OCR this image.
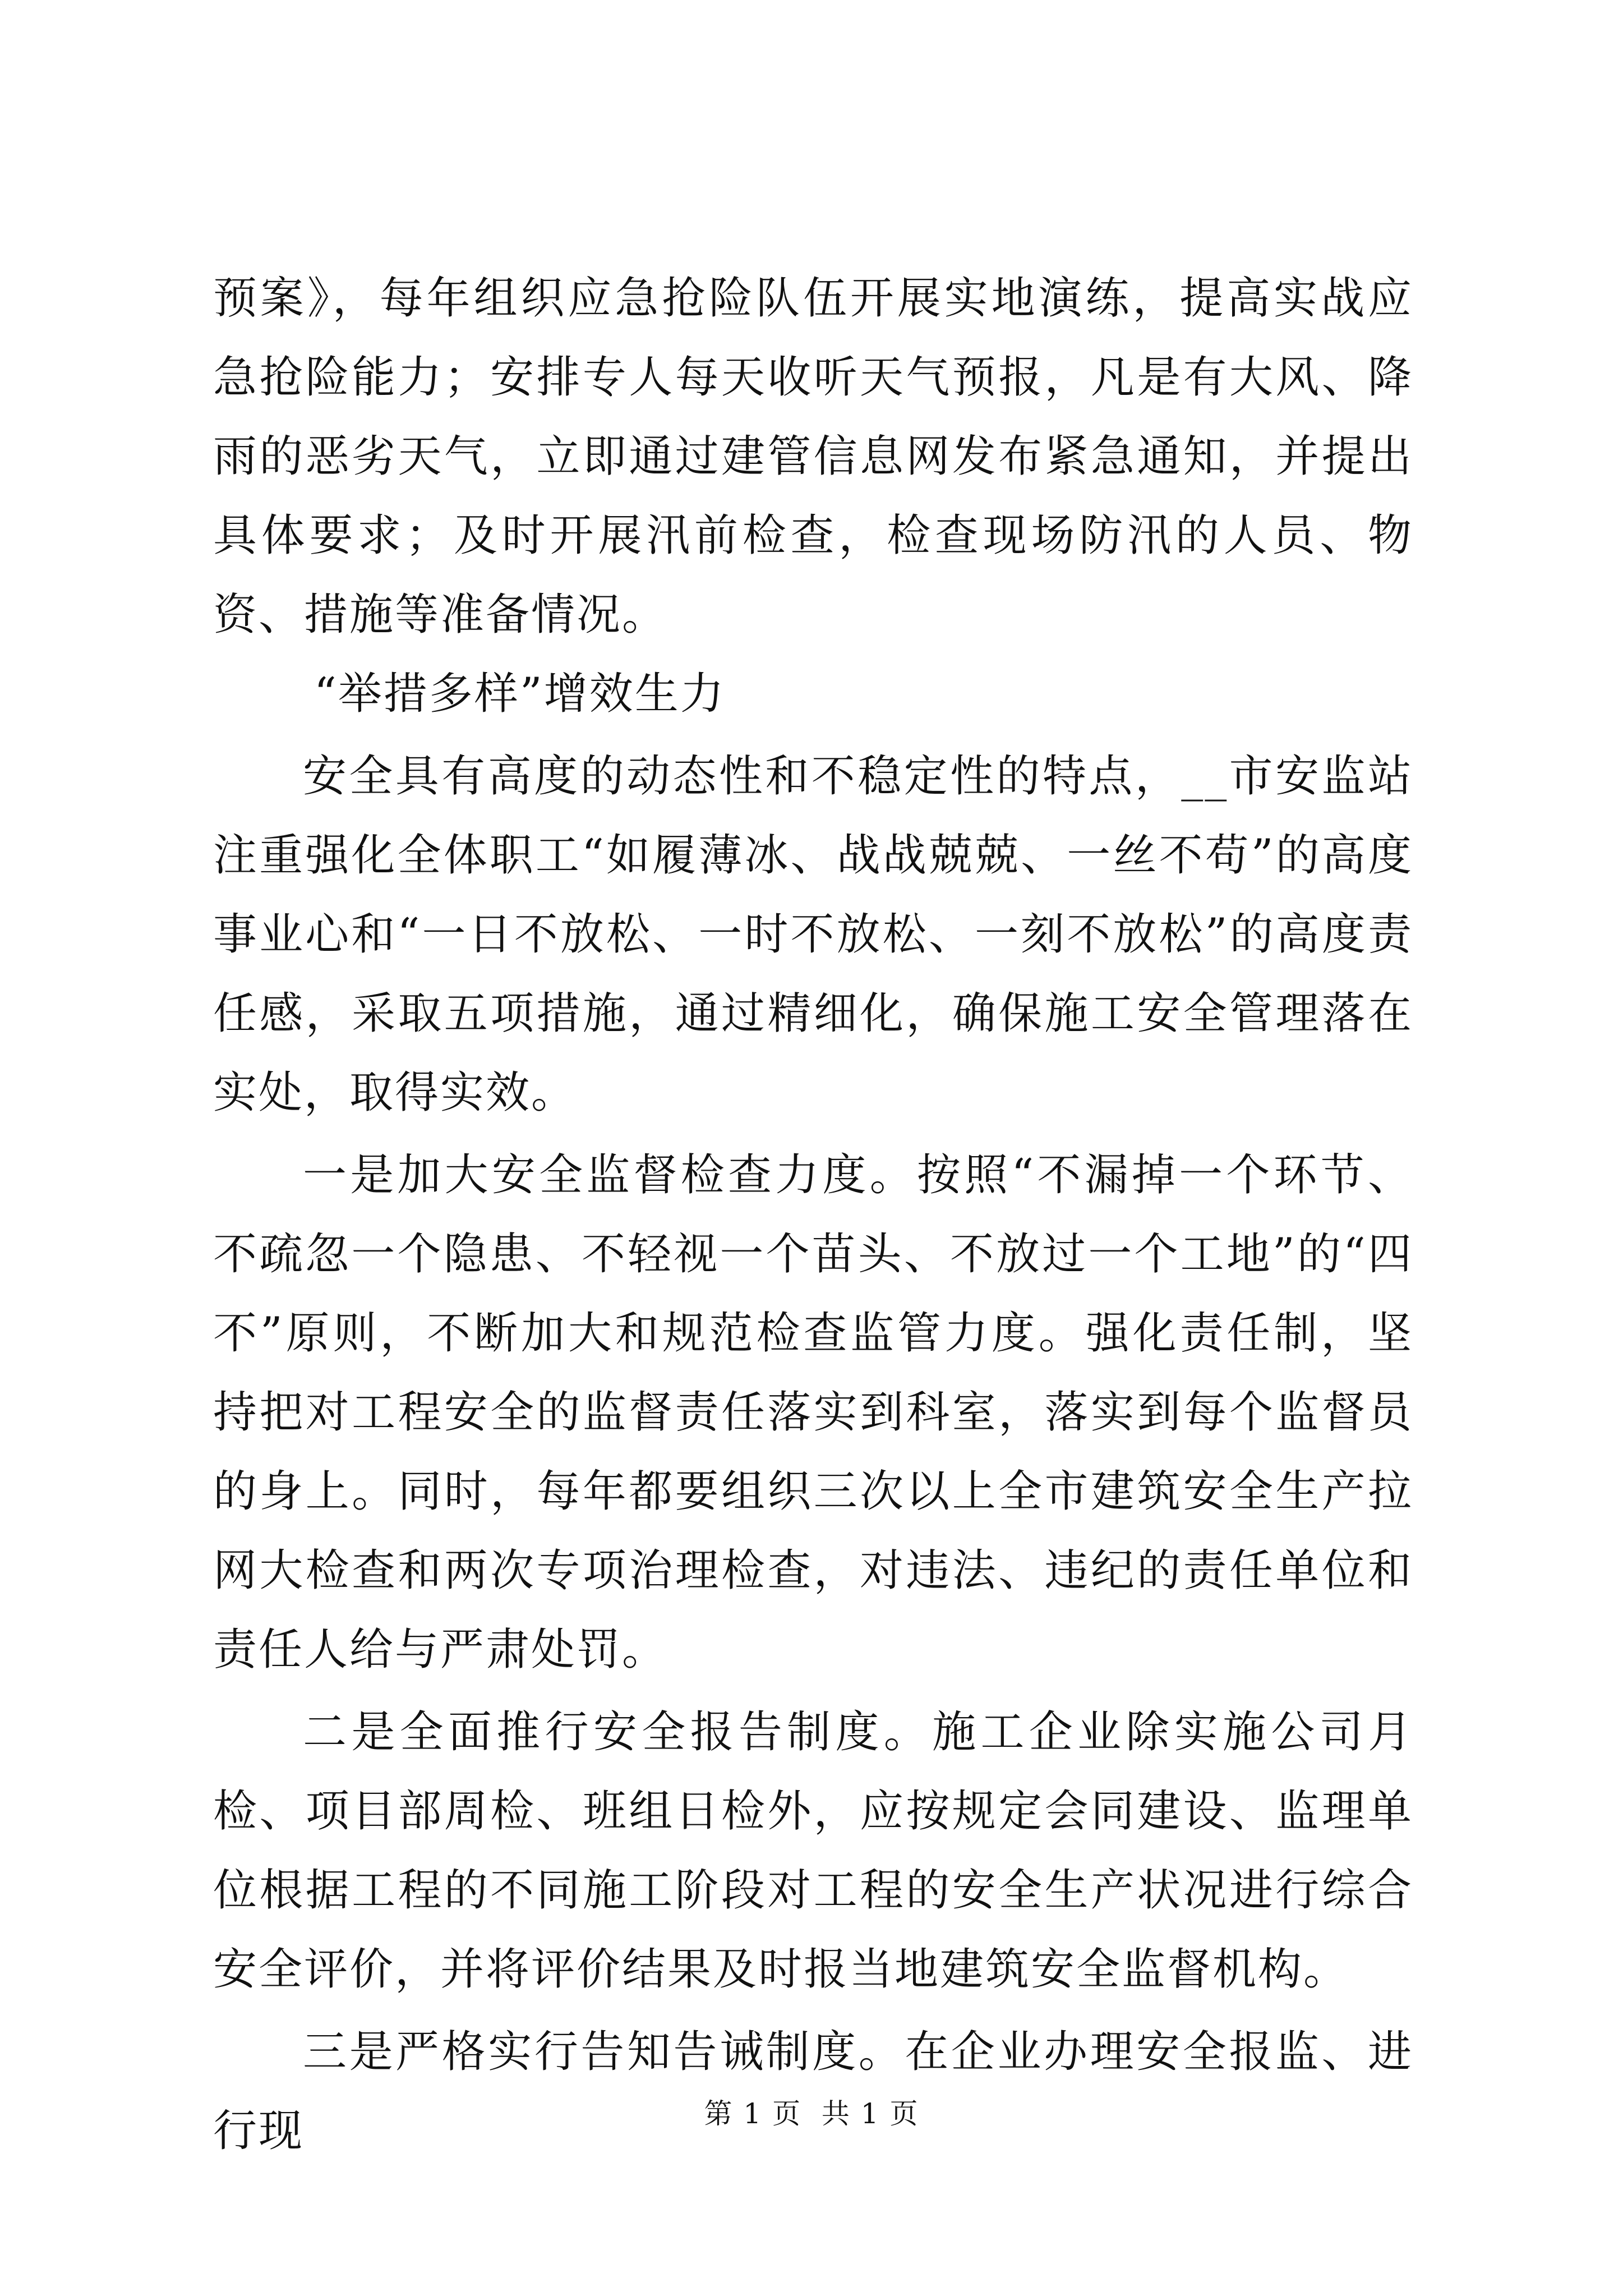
预案》，每年组织应急抢险队伍开展实地演练，提高实战应急抢险能力；安排专人每天收听天气预报，凡是有大风、降雨的恶劣天气，立即通过建管信息网发布紧急通知，并提出具体要求；及时开展汛前检查，检查现场防汛的人员、物资、措施等准备情况。

“举措多样”增效生力

安全具有高度的动态性和不稳定性的特点，__市安监站注重强化全体职工“如履薄冰、战战兢兢、一丝不苟”的高度事业心和“一日不放松、一时不放松、一刻不放松”的高度责任感，采取五项措施，通过精细化，确保施工安全管理落在实处，取得实效。

一是加大安全监督检查力度。按照“不漏掉一个环节、不疏忽一个隐患、不轻视一个苗头、不放过一个工地”的“四不”原则，不断加大和规范检查监管力度。强化责任制，坚持把对工程安全的监督责任落实到科室，落实到每个监督员的身上。同时，每年都要组织三次以上全市建筑安全生产拉网大检查和两次专项治理检查，对违法、违纪的责任单位和责任人给与严肃处罚。

二是全面推行安全报告制度。施工企业除实施公司月检、项目部周检、班组日检外，应按规定会同建设、监理单位根据工程的不同施工阶段对工程的安全生产状况进行综合安全评价，并将评价结果及时报当地建筑安全监督机构。

三是严格实行告知告诫制度。在企业办理安全报监、进行现	第 1 页  共 1 页
